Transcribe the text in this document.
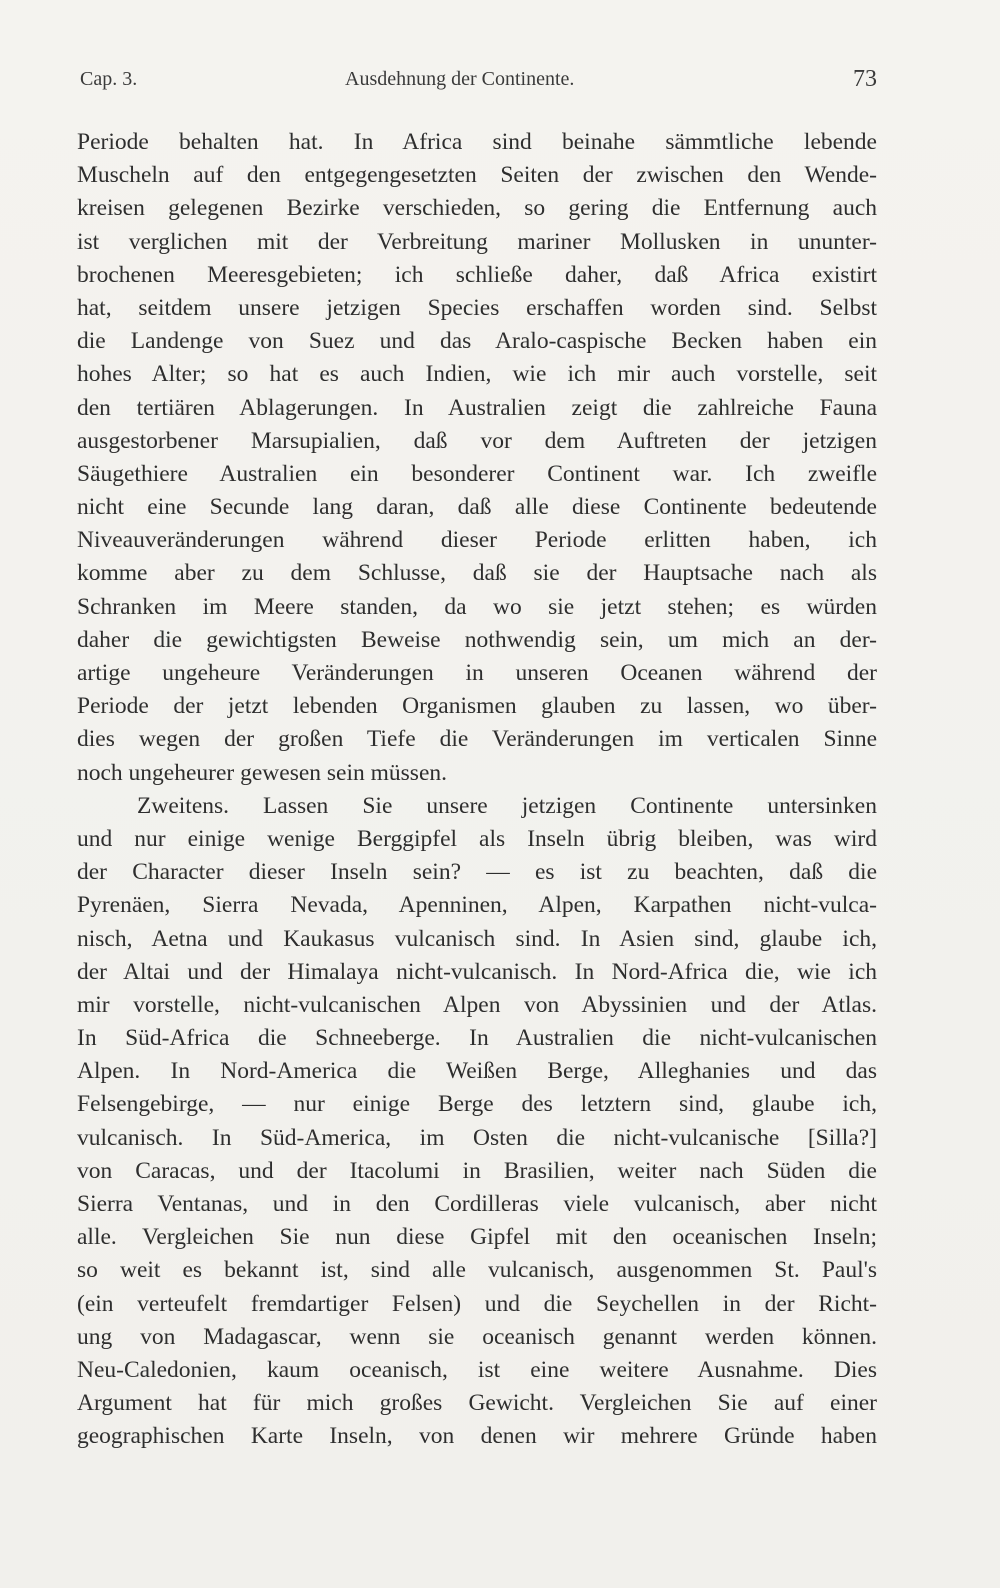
Cap. 3.	Ausdehnung der Continente.	73
Periode behalten hat. In Africa sind beinahe sämmtliche lebende
Muscheln auf den entgegengesetzten Seiten der zwischen den Wende-
kreisen gelegenen Bezirke verschieden, so gering die Entfernung auch
ist verglichen mit der Verbreitung mariner Mollusken in ununter-
brochenen Meeresgebieten; ich schließe daher, daß Africa existirt
hat, seitdem unsere jetzigen Species erschaffen worden sind. Selbst
die Landenge von Suez und das Aralo-caspische Becken haben ein
hohes Alter; so hat es auch Indien, wie ich mir auch vorstelle, seit
den tertiären Ablagerungen. In Australien zeigt die zahlreiche Fauna
ausgestorbener Marsupialien, daß vor dem Auftreten der jetzigen
Säugethiere Australien ein besonderer Continent war. Ich zweifle
nicht eine Secunde lang daran, daß alle diese Continente bedeutende
Niveauveränderungen während dieser Periode erlitten haben, ich
komme aber zu dem Schlusse, daß sie der Hauptsache nach als
Schranken im Meere standen, da wo sie jetzt stehen; es würden
daher die gewichtigsten Beweise nothwendig sein, um mich an der-
artige ungeheure Veränderungen in unseren Oceanen während der
Periode der jetzt lebenden Organismen glauben zu lassen, wo über-
dies wegen der großen Tiefe die Veränderungen im verticalen Sinne
noch ungeheurer gewesen sein müssen.
Zweitens. Lassen Sie unsere jetzigen Continente untersinken
und nur einige wenige Berggipfel als Inseln übrig bleiben, was wird
der Character dieser Inseln sein? — es ist zu beachten, daß die
Pyrenäen, Sierra Nevada, Apenninen, Alpen, Karpathen nicht-vulca-
nisch, Aetna und Kaukasus vulcanisch sind. In Asien sind, glaube ich,
der Altai und der Himalaya nicht-vulcanisch. In Nord-Africa die, wie ich
mir vorstelle, nicht-vulcanischen Alpen von Abyssinien und der Atlas.
In Süd-Africa die Schneeberge. In Australien die nicht-vulcanischen
Alpen. In Nord-America die Weißen Berge, Alleghanies und das
Felsengebirge, — nur einige Berge des letztern sind, glaube ich,
vulcanisch. In Süd-America, im Osten die nicht-vulcanische [Silla?]
von Caracas, und der Itacolumi in Brasilien, weiter nach Süden die
Sierra Ventanas, und in den Cordilleras viele vulcanisch, aber nicht
alle. Vergleichen Sie nun diese Gipfel mit den oceanischen Inseln;
so weit es bekannt ist, sind alle vulcanisch, ausgenommen St. Paul's
(ein verteufelt fremdartiger Felsen) und die Seychellen in der Richt-
ung von Madagascar, wenn sie oceanisch genannt werden können.
Neu-Caledonien, kaum oceanisch, ist eine weitere Ausnahme. Dies
Argument hat für mich großes Gewicht. Vergleichen Sie auf einer
geographischen Karte Inseln, von denen wir mehrere Gründe haben
